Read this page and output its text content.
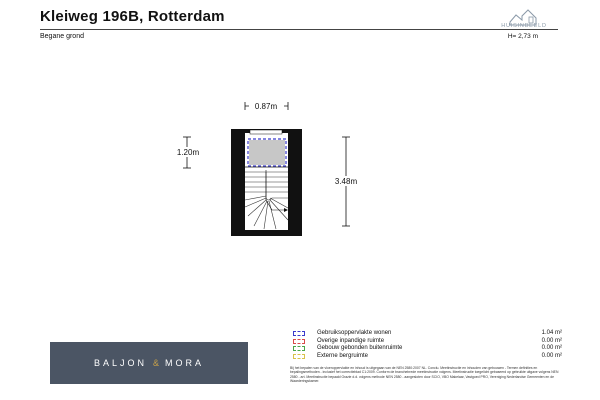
Kleiweg 196B, Rotterdam
Begane grond	H= 2,73 m
HUISINBEELD
0.87m
1.20m
3.48m
Gebruiksoppervlakte wonen	1.04 m²
Overige inpandige ruimte	0.00 m²
Gebouw gebonden buitenruimte	0.00 m²
Externe bergruimte	0.00 m²
Bij het bepalen van de vloeroppervlakte en inhoud is uitgegaan van de NEN 2580:2007 NL. Conclu. Meetinstructie en inhouden van gebouwen - Termen definities en bepalingsmethoden - inclusief het correctieblad C1:2009. Conform de branchebrede meetinstructie volgens. Meetinstructie toegelicht gebaseerd op gebruikte uitgave volgens NEN 2580 - art. Meetinstructie bepaald Grazie d.d. volgens methode NEN 2580 - aangesloten door SCIO, VBO Makelaar, Vastgoed PRO, Vereniging Nederlandse Gemeenten en de Waarderingskamer.
BALJON & MORA
